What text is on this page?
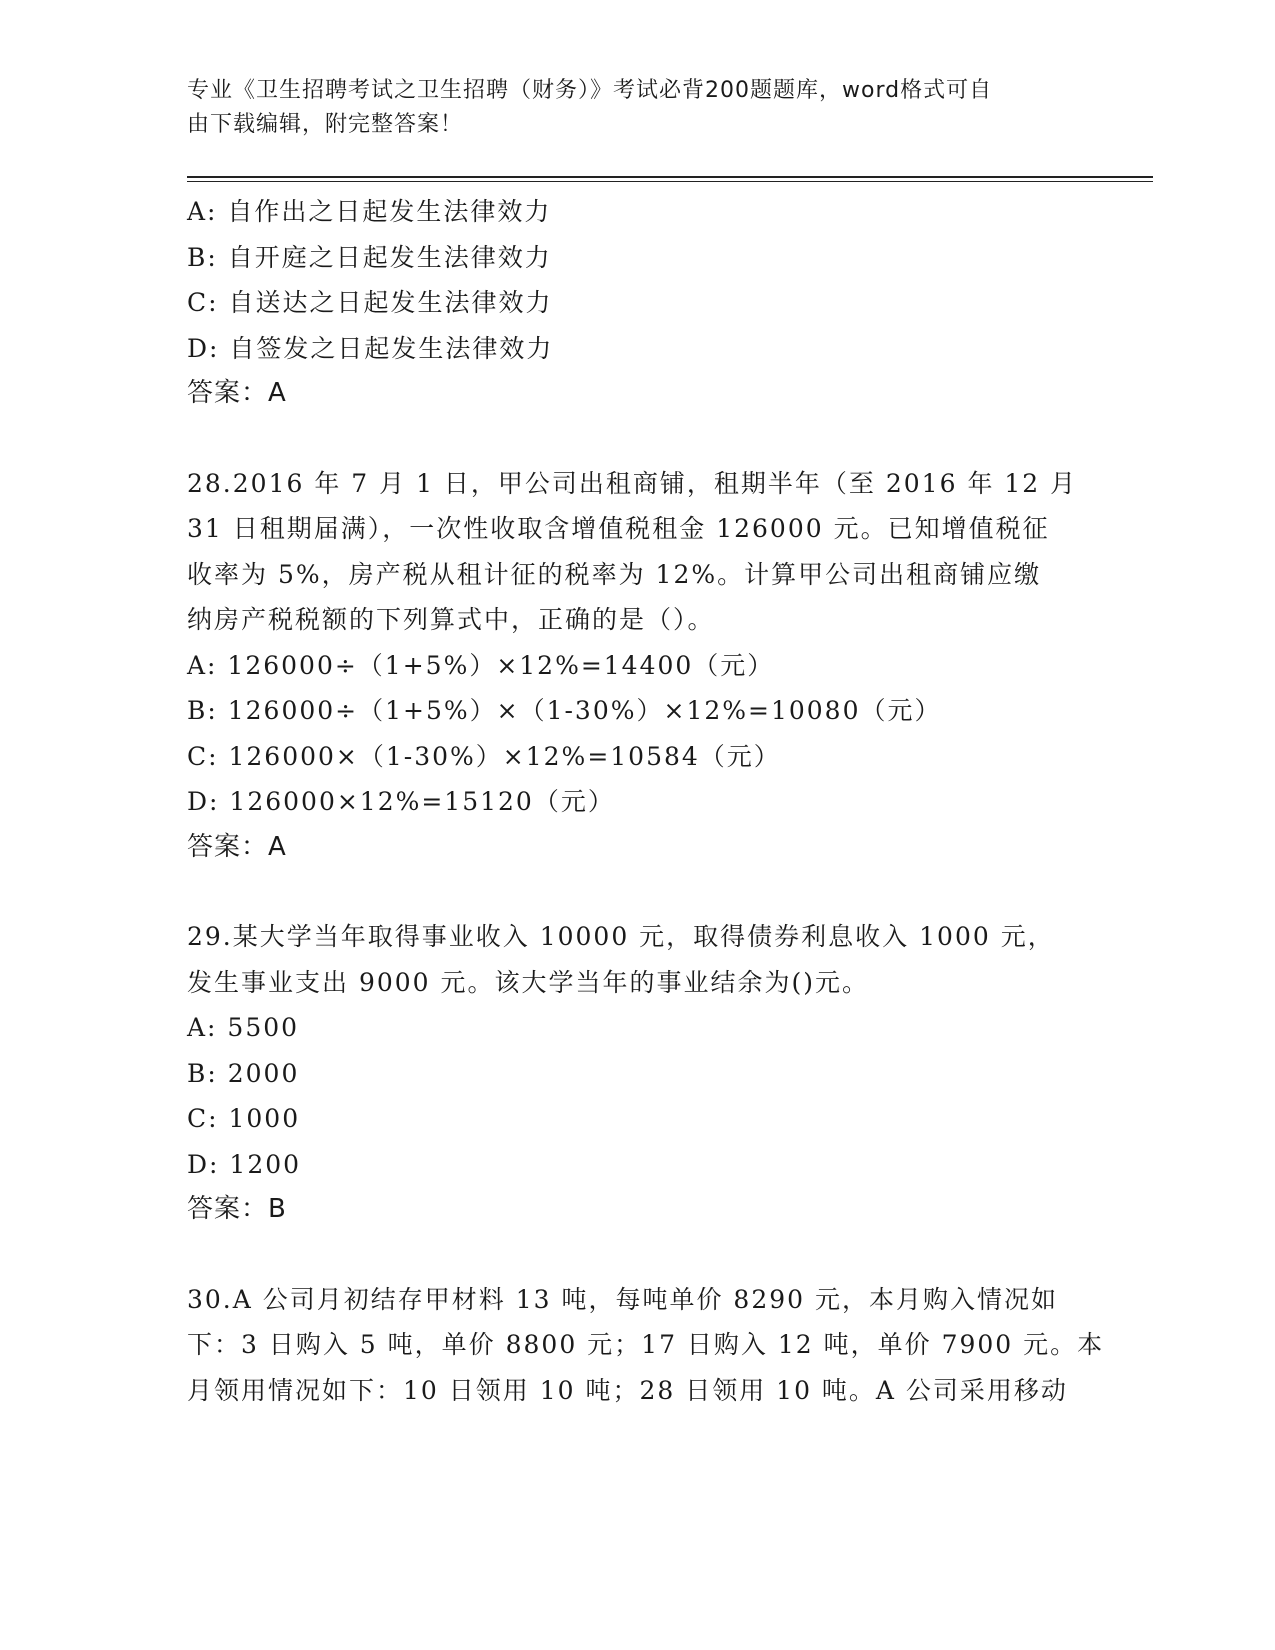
专业《卫生招聘考试之卫生招聘（财务）》考试必背200题题库，word格式可自
由下载编辑，附完整答案！
A: 自作出之日起发生法律效力
B: 自开庭之日起发生法律效力
C: 自送达之日起发生法律效力
D: 自签发之日起发生法律效力
答案：A
28.2016 年 7 月 1 日，甲公司出租商铺，租期半年（至 2016 年 12 月
31 日租期届满），一次性收取含增值税租金 126000 元。已知增值税征
收率为 5%，房产税从租计征的税率为 12%。计算甲公司出租商铺应缴
纳房产税税额的下列算式中，正确的是（）。
A: 126000÷（1+5%）×12%=14400（元）
B: 126000÷（1+5%）×（1-30%）×12%=10080（元）
C: 126000×（1-30%）×12%=10584（元）
D: 126000×12%=15120（元）
答案：A
29.某大学当年取得事业收入 10000 元，取得债券利息收入 1000 元，
发生事业支出 9000 元。该大学当年的事业结余为()元。
A: 5500
B: 2000
C: 1000
D: 1200
答案：B
30.A 公司月初结存甲材料 13 吨，每吨单价 8290 元，本月购入情况如
下：3 日购入 5 吨，单价 8800 元；17 日购入 12 吨，单价 7900 元。本
月领用情况如下：10 日领用 10 吨；28 日领用 10 吨。A 公司采用移动
